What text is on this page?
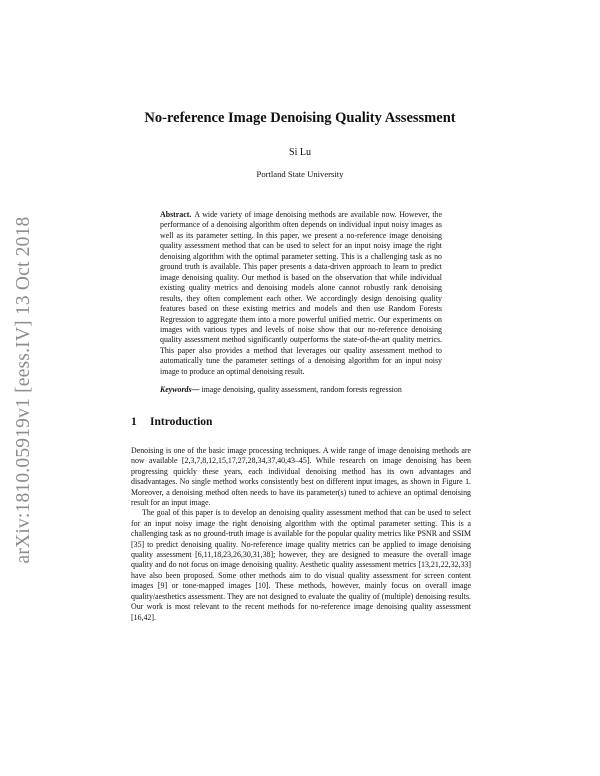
arXiv:1810.05919v1 [eess.IV] 13 Oct 2018
No-reference Image Denoising Quality Assessment
Si Lu
Portland State University
Abstract. A wide variety of image denoising methods are available now. However, the performance of a denoising algorithm often depends on individual input noisy images as well as its parameter setting. In this paper, we present a no-reference image denoising quality assessment method that can be used to select for an input noisy image the right denoising algorithm with the optimal parameter setting. This is a challenging task as no ground truth is available. This paper presents a data-driven approach to learn to predict image denoising quality. Our method is based on the observation that while individual existing quality metrics and denoising models alone cannot robustly rank denoising results, they often complement each other. We accordingly design denoising quality features based on these existing metrics and models and then use Random Forests Regression to aggregate them into a more powerful unified metric. Our experiments on images with various types and levels of noise show that our no-reference denoising quality assessment method significantly outperforms the state-of-the-art quality metrics. This paper also provides a method that leverages our quality assessment method to automatically tune the parameter settings of a denoising algorithm for an input noisy image to produce an optimal denoising result.
Keywords— image denoising, quality assessment, random forests regression
1 Introduction

Denoising is one of the basic image processing techniques. A wide range of image denoising methods are now available [2,3,7,8,12,15,17,27,28,34,37,40,43–45]. While research on image denoising has been progressing quickly these years, each individual denoising method has its own advantages and disadvantages. No single method works consistently best on different input images, as shown in Figure 1. Moreover, a denoising method often needs to have its parameter(s) tuned to achieve an optimal denoising result for an input image.

The goal of this paper is to develop an denoising quality assessment method that can be used to select for an input noisy image the right denoising algorithm with the optimal parameter setting. This is a challenging task as no ground-truth image is available for the popular quality metrics like PSNR and SSIM [35] to predict denoising quality. No-reference image quality metrics can be applied to image denoising quality assessment [6,11,18,23,26,30,31,38]; however, they are designed to measure the overall image quality and do not focus on image denoising quality. Aesthetic quality assessment metrics [13,21,22,32,33] have also been proposed. Some other methods aim to do visual quality assessment for screen content images [9] or tone-mapped images [10]. These methods, however, mainly focus on overall image quality/aesthetics assessment. They are not designed to evaluate the quality of (multiple) denoising results. Our work is most relevant to the recent methods for no-reference image denoising quality assessment [16,42].
